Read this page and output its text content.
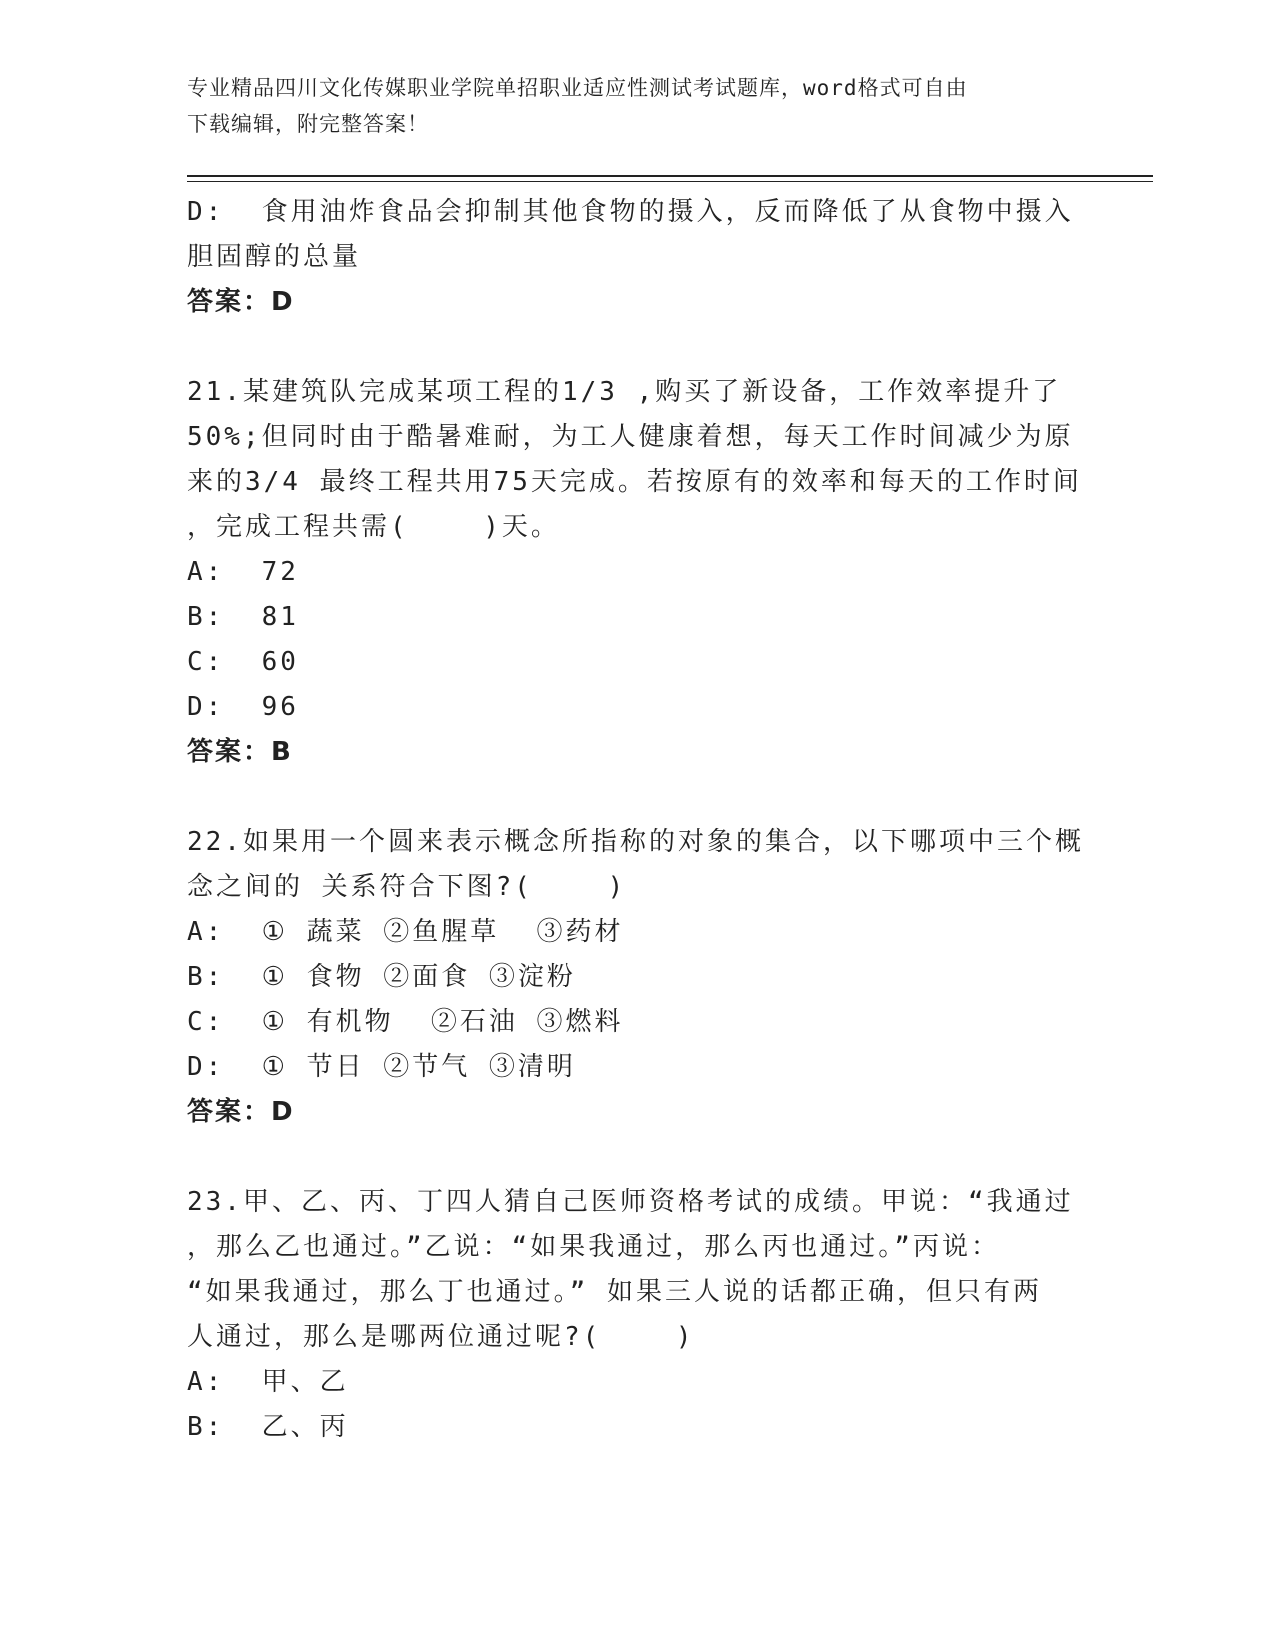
专业精品四川文化传媒职业学院单招职业适应性测试考试题库，word格式可自由
下载编辑，附完整答案！
D:  食用油炸食品会抑制其他食物的摄入，反而降低了从食物中摄入
胆固醇的总量
答案：D
21.某建筑队完成某项工程的1/3 ,购买了新设备，工作效率提升了
50%;但同时由于酷暑难耐，为工人健康着想，每天工作时间减少为原
来的3/4 最终工程共用75天完成。若按原有的效率和每天的工作时间
，完成工程共需(    )天。
A:  72
B:  81
C:  60
D:  96
答案：B
22.如果用一个圆来表示概念所指称的对象的集合，以下哪项中三个概
念之间的 关系符合下图?(    )
A:  ① 蔬菜 ②鱼腥草  ③药材
B:  ① 食物 ②面食 ③淀粉
C:  ① 有机物  ②石油 ③燃料
D:  ① 节日 ②节气 ③清明
答案：D
23.甲、乙、丙、丁四人猜自己医师资格考试的成绩。甲说：“我通过
，那么乙也通过。”乙说：“如果我通过，那么丙也通过。”丙说：
“如果我通过，那么丁也通过。” 如果三人说的话都正确，但只有两
人通过，那么是哪两位通过呢?(    )
A:  甲、乙
B:  乙、丙
